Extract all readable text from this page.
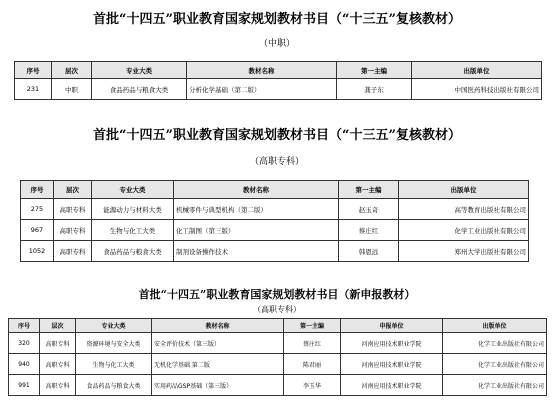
首批“十四五”职业教育国家规划教材书目（“十三五”复核教材）
（中职）
序号	层次	专业大类	教材名称	第一主编	出版单位
231	中职	食品药品与粮食大类	分析化学基础（第二版）	龚子东	中国医药科技出版社有限公司
首批“十四五”职业教育国家规划教材书目（“十三五”复核教材）
（高职专科）
序号	层次	专业大类	教材名称	第一主编	出版单位
275	高职专科	能源动力与材料大类	机械零件与典型机构（第二版）	赵玉奇	高等教育出版社有限公司
967	高职专科	生物与化工大类	化工制图（第三版）	蔡庄红	化学工业出版社有限公司
1052	高职专科	食品药品与粮食大类	制剂设备操作技术	韩恩远	郑州大学出版社有限公司
首批“十四五”职业教育国家规划教材书目（新申报教材）
（高职专科）
序号	层次	专业大类	教材名称	第一主编	申报单位	出版单位
320	高职专科	资源环境与安全大类	安全评价技术（第三版）	蔡庄红	河南应用技术职业学院	化学工业出版社有限公司
940	高职专科	生物与化工大类	无机化学基础 第二版	陈君丽	河南应用技术职业学院	化学工业出版社有限公司
991	高职专科	食品药品与粮食大类	实用药品GSP基础（第三版）	李玉华	河南应用技术职业学院	化学工业出版社有限公司
